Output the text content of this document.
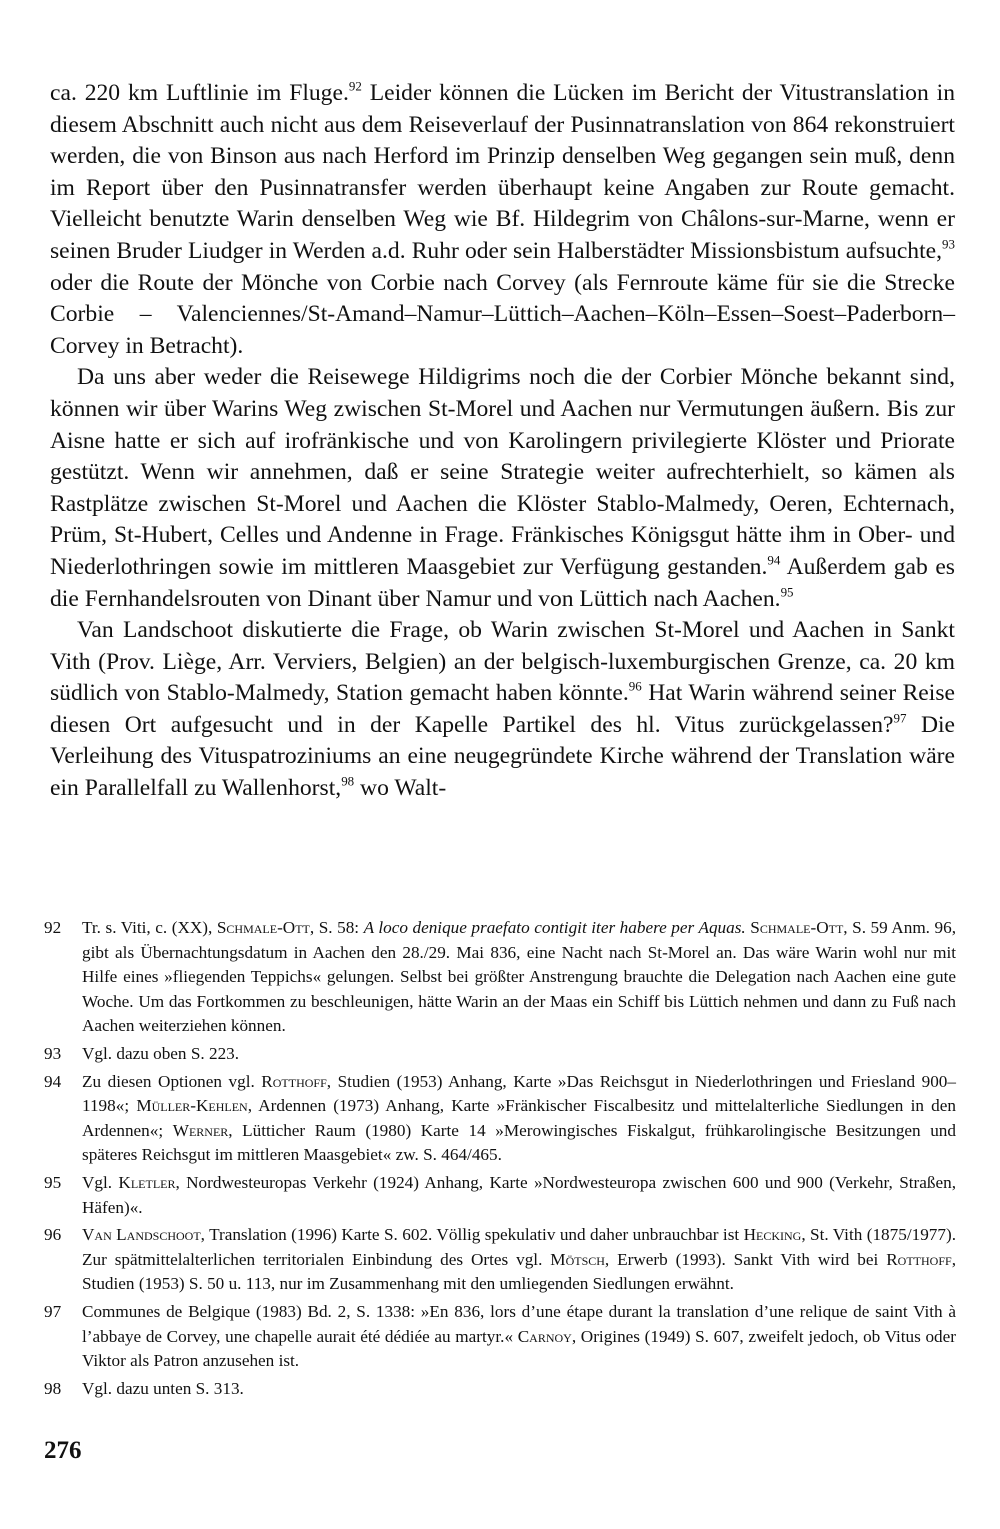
ca. 220 km Luftlinie im Fluge.$^{92}$ Leider können die Lücken im Bericht der Vitustranslation in diesem Abschnitt auch nicht aus dem Reiseverlauf der Pusinnatranslation von 864 rekonstruiert werden, die von Binson aus nach Herford im Prinzip denselben Weg gegangen sein muß, denn im Report über den Pusinnatransfer werden überhaupt keine Angaben zur Route gemacht. Vielleicht benutzte Warin denselben Weg wie Bf. Hildegrim von Châlons-sur-Marne, wenn er seinen Bruder Liudger in Werden a.d. Ruhr oder sein Halberstädter Missionsbistum aufsuchte,$^{93}$ oder die Route der Mönche von Corbie nach Corvey (als Fernroute käme für sie die Strecke Corbie – Valenciennes/St-Amand–Namur–Lüttich–Aachen–Köln–Essen–Soest–Paderborn–Corvey in Betracht).

Da uns aber weder die Reisewege Hildigrims noch die der Corbier Mönche bekannt sind, können wir über Warins Weg zwischen St-Morel und Aachen nur Vermutungen äußern. Bis zur Aisne hatte er sich auf irofränkische und von Karolingern privilegierte Klöster und Priorate gestützt. Wenn wir annehmen, daß er seine Strategie weiter aufrechterhielt, so kämen als Rastplätze zwischen St-Morel und Aachen die Klöster Stablo-Malmedy, Oeren, Echternach, Prüm, St-Hubert, Celles und Andenne in Frage. Fränkisches Königsgut hätte ihm in Ober- und Niederlothringen sowie im mittleren Maasgebiet zur Verfügung gestanden.$^{94}$ Außerdem gab es die Fernhandelsrouten von Dinant über Namur und von Lüttich nach Aachen.$^{95}$

Van Landschoot diskutierte die Frage, ob Warin zwischen St-Morel und Aachen in Sankt Vith (Prov. Liège, Arr. Verviers, Belgien) an der belgisch-luxemburgischen Grenze, ca. 20 km südlich von Stablo-Malmedy, Station gemacht haben könnte.$^{96}$ Hat Warin während seiner Reise diesen Ort aufgesucht und in der Kapelle Partikel des hl. Vitus zurückgelassen?$^{97}$ Die Verleihung des Vituspatroziniums an eine neugegründete Kirche während der Translation wäre ein Parallelfall zu Wallenhorst,$^{98}$ wo Walt-

92	Tr. s. Viti, c. (XX), Schmale-Ott, S. 58: A loco denique praefato contigit iter habere per Aquas. Schmale-Ott, S. 59 Anm. 96, gibt als Übernachtungsdatum in Aachen den 28./29. Mai 836, eine Nacht nach St-Morel an. Das wäre Warin wohl nur mit Hilfe eines »fliegenden Teppichs« gelungen. Selbst bei größter Anstrengung brauchte die Delegation nach Aachen eine gute Woche. Um das Fortkommen zu beschleunigen, hätte Warin an der Maas ein Schiff bis Lüttich nehmen und dann zu Fuß nach Aachen weiterziehen können.
93	Vgl. dazu oben S. 223.
94	Zu diesen Optionen vgl. Rotthoff, Studien (1953) Anhang, Karte »Das Reichsgut in Niederlothringen und Friesland 900–1198«; Müller-Kehlen, Ardennen (1973) Anhang, Karte »Fränkischer Fiscalbesitz und mittelalterliche Siedlungen in den Ardennen«; Werner, Lütticher Raum (1980) Karte 14 »Merowingisches Fiskalgut, frühkarolingische Besitzungen und späteres Reichsgut im mittleren Maasgebiet« zw. S. 464/465.
95	Vgl. Kletler, Nordwesteuropas Verkehr (1924) Anhang, Karte »Nordwesteuropa zwischen 600 und 900 (Verkehr, Straßen, Häfen)«.
96	Van Landschoot, Translation (1996) Karte S. 602. Völlig spekulativ und daher unbrauchbar ist Hecking, St. Vith (1875/1977). Zur spätmittelalterlichen territorialen Einbindung des Ortes vgl. Mötsch, Erwerb (1993). Sankt Vith wird bei Rotthoff, Studien (1953) S. 50 u. 113, nur im Zusammenhang mit den umliegenden Siedlungen erwähnt.
97	Communes de Belgique (1983) Bd. 2, S. 1338: »En 836, lors d’une étape durant la translation d’une relique de saint Vith à l’abbaye de Corvey, une chapelle aurait été dédiée au martyr.« Carnoy, Origines (1949) S. 607, zweifelt jedoch, ob Vitus oder Viktor als Patron anzusehen ist.
98	Vgl. dazu unten S. 313.
276
